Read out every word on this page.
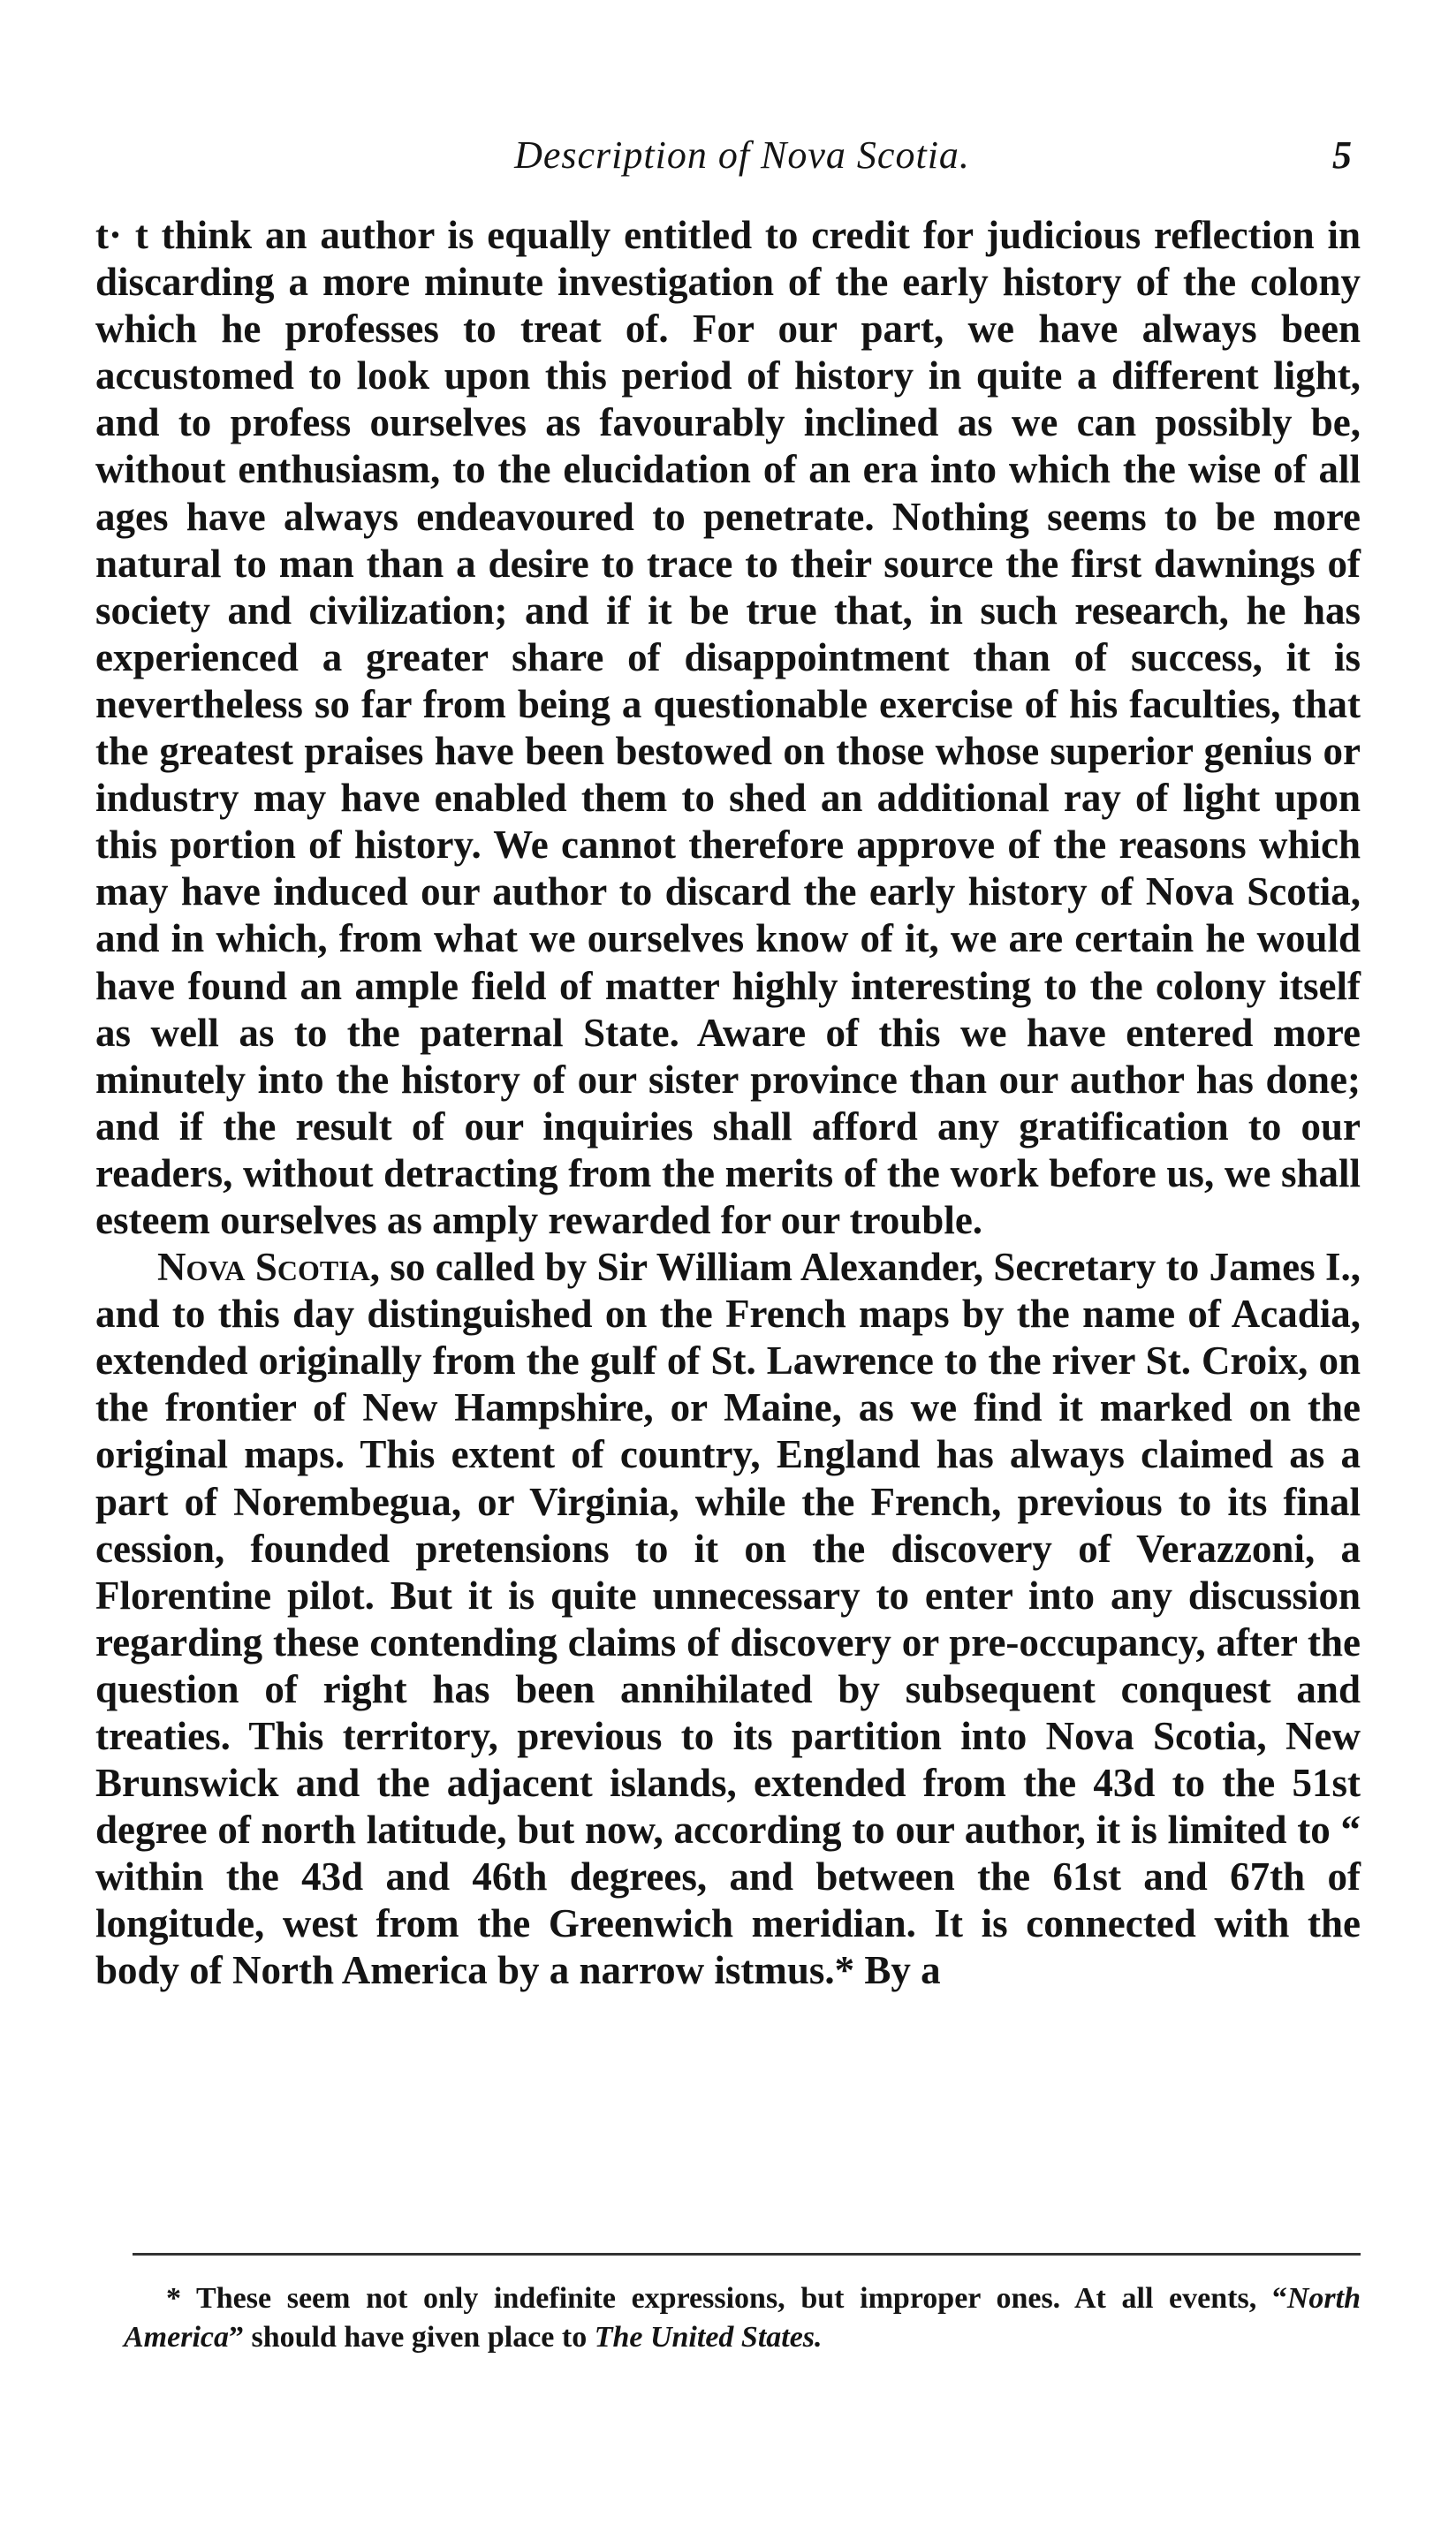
Description of Nova Scotia.	5

t· t think an author is equally entitled to credit for judicious reflection in discarding a more minute investigation of the early history of the colony which he professes to treat of. For our part, we have always been accustomed to look upon this period of history in quite a different light, and to profess ourselves as favourably inclined as we can possibly be, without enthusiasm, to the elucidation of an era into which the wise of all ages have always endeavoured to penetrate. Nothing seems to be more natural to man than a desire to trace to their source the first dawnings of society and civilization; and if it be true that, in such research, he has experienced a greater share of disappointment than of success, it is nevertheless so far from being a questionable exercise of his faculties, that the greatest praises have been bestowed on those whose superior genius or industry may have enabled them to shed an additional ray of light upon this portion of history. We cannot therefore approve of the reasons which may have induced our author to discard the early history of Nova Scotia, and in which, from what we ourselves know of it, we are certain he would have found an ample field of matter highly interesting to the colony itself as well as to the paternal State. Aware of this we have entered more minutely into the history of our sister province than our author has done; and if the result of our inquiries shall afford any gratification to our readers, without detracting from the merits of the work before us, we shall esteem ourselves as amply rewarded for our trouble.

Nova Scotia, so called by Sir William Alexander, Secretary to James I., and to this day distinguished on the French maps by the name of Acadia, extended originally from the gulf of St. Lawrence to the river St. Croix, on the frontier of New Hampshire, or Maine, as we find it marked on the original maps. This extent of country, England has always claimed as a part of Norembegua, or Virginia, while the French, previous to its final cession, founded pretensions to it on the discovery of Verazzoni, a Florentine pilot. But it is quite unnecessary to enter into any discussion regarding these contending claims of discovery or pre-occupancy, after the question of right has been annihilated by subsequent conquest and treaties. This territory, previous to its partition into Nova Scotia, New Brunswick and the adjacent islands, extended from the 43d to the 51st degree of north latitude, but now, according to our author, it is limited to “ within the 43d and 46th degrees, and between the 61st and 67th of longitude, west from the Greenwich meridian. It is connected with the body of North America by a narrow istmus.* By a

* These seem not only indefinite expressions, but improper ones. At all events, “North America” should have given place to The United States.
